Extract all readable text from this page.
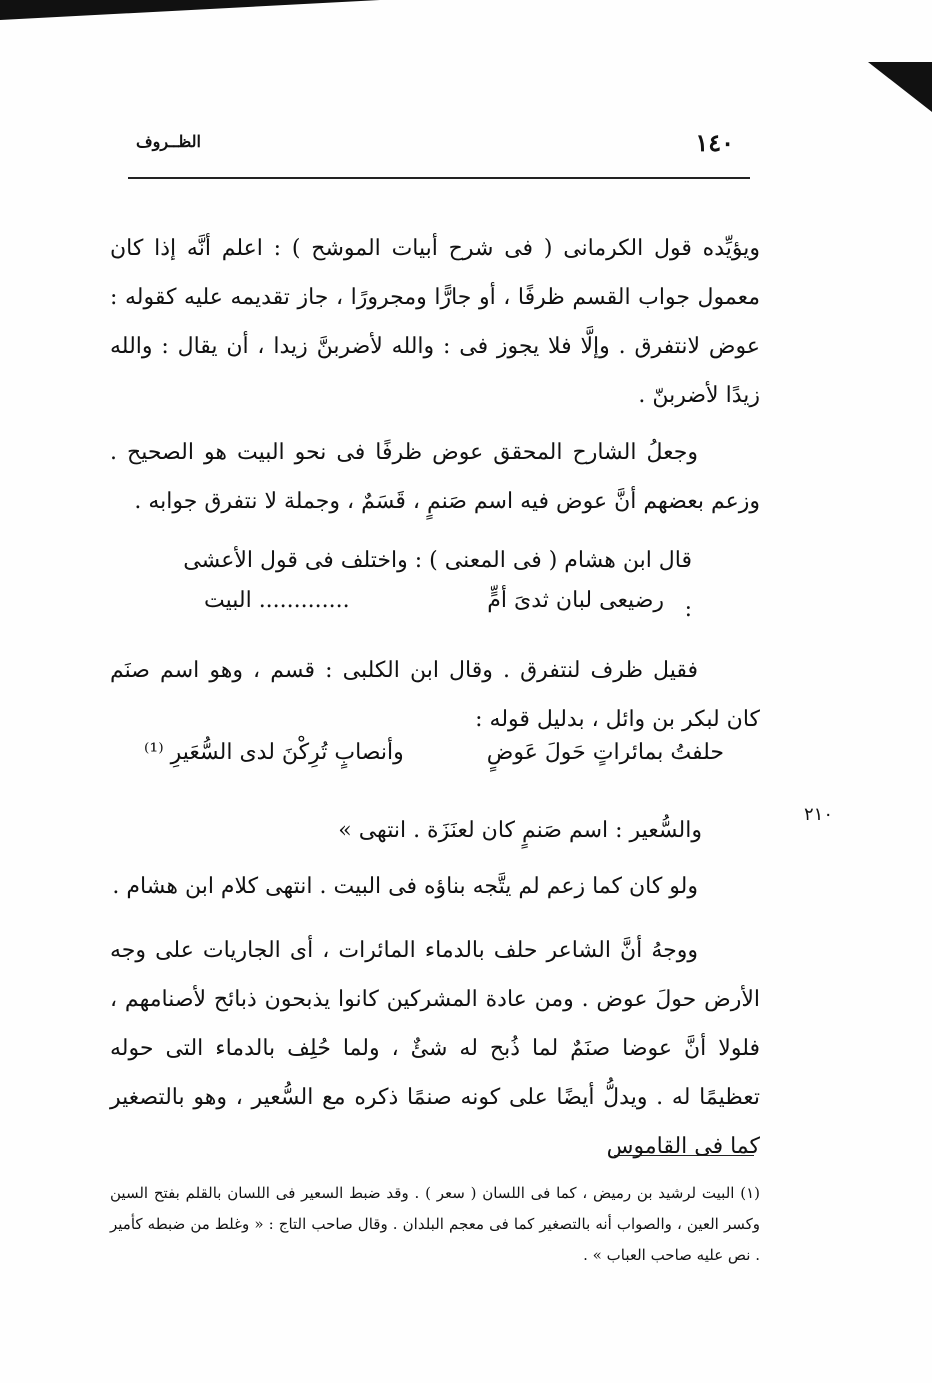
١٤٠
الظــروف
ويؤيِّده قول الكرمانى ( فى شرح أبيات الموشح ) : اعلم أنَّه إذا كان معمول جواب القسم ظرفًا ، أو جارًّا ومجرورًا ، جاز تقديمه عليه كقوله : عوض لانتفرق . وإلَّا فلا يجوز فى : والله لأضربنَّ زيدا ، أن يقال : والله زيدًا لأضربنّ .
وجعلُ الشارح المحقق عوض ظرفًا فى نحو البيت هو الصحيح . وزعم بعضهم أنَّ عوض فيه اسم صَنمٍ ، قَسَمٌ ، وجملة لا نتفرق جوابه .
قال ابن هشام ( فى المعنى ) : واختلف فى قول الأعشى :
رضيعى لبان ثدىَ أمٍّ
............. البيت
فقيل ظرف لنتفرق . وقال ابن الكلبى : قسم ، وهو اسم صنَم كان لبكر بن وائل ، بدليل قوله :
حلفتُ بمائراتٍ حَولَ عَوضٍ
وأنصابٍ تُرِكْنَ لدى السُّعَيرِ ⁽¹⁾
والسُّعير : اسم صَنمٍ كان لعنَزَة . انتهى »
٢١٠
ولو كان كما زعم لم يتَّجه بناؤه فى البيت . انتهى كلام ابن هشام .
ووجهُ أنَّ الشاعر حلف بالدماء المائرات ، أى الجاريات على وجه الأرض حولَ عوض . ومن عادة المشركين كانوا يذبحون ذبائح لأصنامهم ، فلولا أنَّ عوضا صنَمٌ لما ذُبح له شئٌ ، ولما حُلِف بالدماء التى حوله تعظيمًا له . ويدلُّ أيضًا على كونه صنمًا ذكره مع السُّعير ، وهو بالتصغير كما فى القاموس
(١) البيت لرشيد بن رميض ، كما فى اللسان ( سعر ) . وقد ضبط السعير فى اللسان بالقلم بفتح السين وكسر العين ، والصواب أنه بالتصغير كما فى معجم البلدان . وقال صاحب التاج : « وغلط من ضبطه كأمير . نص عليه صاحب العباب » .
